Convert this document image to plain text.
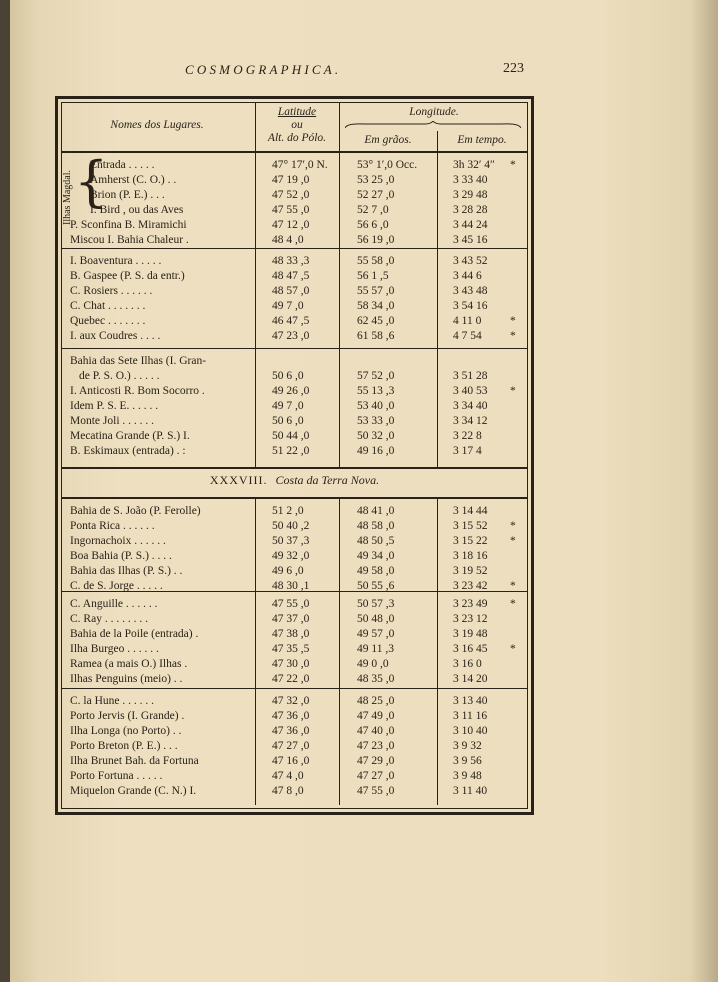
COSMOGRAPHICA.	223
Nomes dos Lugares.
Latitude
ou
Alt. do Pólo.
Longitude.
Em grãos.	Em tempo.
Ilhas Magdal. {
XXXVIII. Costa da Terra Nova.
Entrada . . . . .	47° 17′,0 N.	53° 1′,0 Occ.	3h 32′ 4″ *
Amherst (C. O.) . .	47 19 ,0	53 25 ,0	3 33 40
Brion (P. E.) . . .	47 52 ,0	52 27 ,0	3 29 48
I. Bird , ou das Aves	47 55 ,0	52 7 ,0	3 28 28
P. Sconfina B. Miramichi	47 12 ,0	56 6 ,0	3 44 24
Miscou I. Bahia Chaleur .	48 4 ,0	56 19 ,0	3 45 16
I. Boaventura . . . . .	48 33 ,3	55 58 ,0	3 43 52
B. Gaspee (P. S. da entr.)	48 47 ,5	56 1 ,5	3 44 6
C. Rosiers . . . . . .	48 57 ,0	55 57 ,0	3 43 48
C. Chat . . . . . . .	49 7 ,0	58 34 ,0	3 54 16
Quebec . . . . . . .	46 47 ,5	62 45 ,0	4 11 0 *
I. aux Coudres . . . .	47 23 ,0	61 58 ,6	4 7 54 *
Bahia das Sete Ilhas (I. Gran-
de P. S. O.) . . . . .	50 6 ,0	57 52 ,0	3 51 28
I. Anticosti R. Bom Socorro .	49 26 ,0	55 13 ,3	3 40 53 *
Idem P. S. E. . . . . .	49 7 ,0	53 40 ,0	3 34 40
Monte Joli . . . . . .	50 6 ,0	53 33 ,0	3 34 12
Mecatina Grande (P. S.) I.	50 44 ,0	50 32 ,0	3 22 8
B. Eskimaux (entrada) . :	51 22 ,0	49 16 ,0	3 17 4
Bahia de S. João (P. Ferolle)	51 2 ,0	48 41 ,0	3 14 44
Ponta Rica . . . . . .	50 40 ,2	48 58 ,0	3 15 52 *
Ingornachoix . . . . . .	50 37 ,3	48 50 ,5	3 15 22 *
Boa Bahia (P. S.) . . . .	49 32 ,0	49 34 ,0	3 18 16
Bahia das Ilhas (P. S.) . .	49 6 ,0	49 58 ,0	3 19 52
C. de S. Jorge . . . . .	48 30 ,1	50 55 ,6	3 23 42 *
C. Anguille . . . . . .	47 55 ,0	50 57 ,3	3 23 49 *
C. Ray . . . . . . . .	47 37 ,0	50 48 ,0	3 23 12
Bahia de la Poile (entrada) .	47 38 ,0	49 57 ,0	3 19 48
Ilha Burgeo . . . . . .	47 35 ,5	49 11 ,3	3 16 45 *
Ramea (a mais O.) Ilhas .	47 30 ,0	49 0 ,0	3 16 0
Ilhas Penguins (meio) . .	47 22 ,0	48 35 ,0	3 14 20
C. la Hune . . . . . .	47 32 ,0	48 25 ,0	3 13 40
Porto Jervis (I. Grande) .	47 36 ,0	47 49 ,0	3 11 16
Ilha Longa (no Porto) . .	47 36 ,0	47 40 ,0	3 10 40
Porto Breton (P. E.) . . .	47 27 ,0	47 23 ,0	3 9 32
Ilha Brunet Bah. da Fortuna	47 16 ,0	47 29 ,0	3 9 56
Porto Fortuna . . . . .	47 4 ,0	47 27 ,0	3 9 48
Miquelon Grande (C. N.) I.	47 8 ,0	47 55 ,0	3 11 40
